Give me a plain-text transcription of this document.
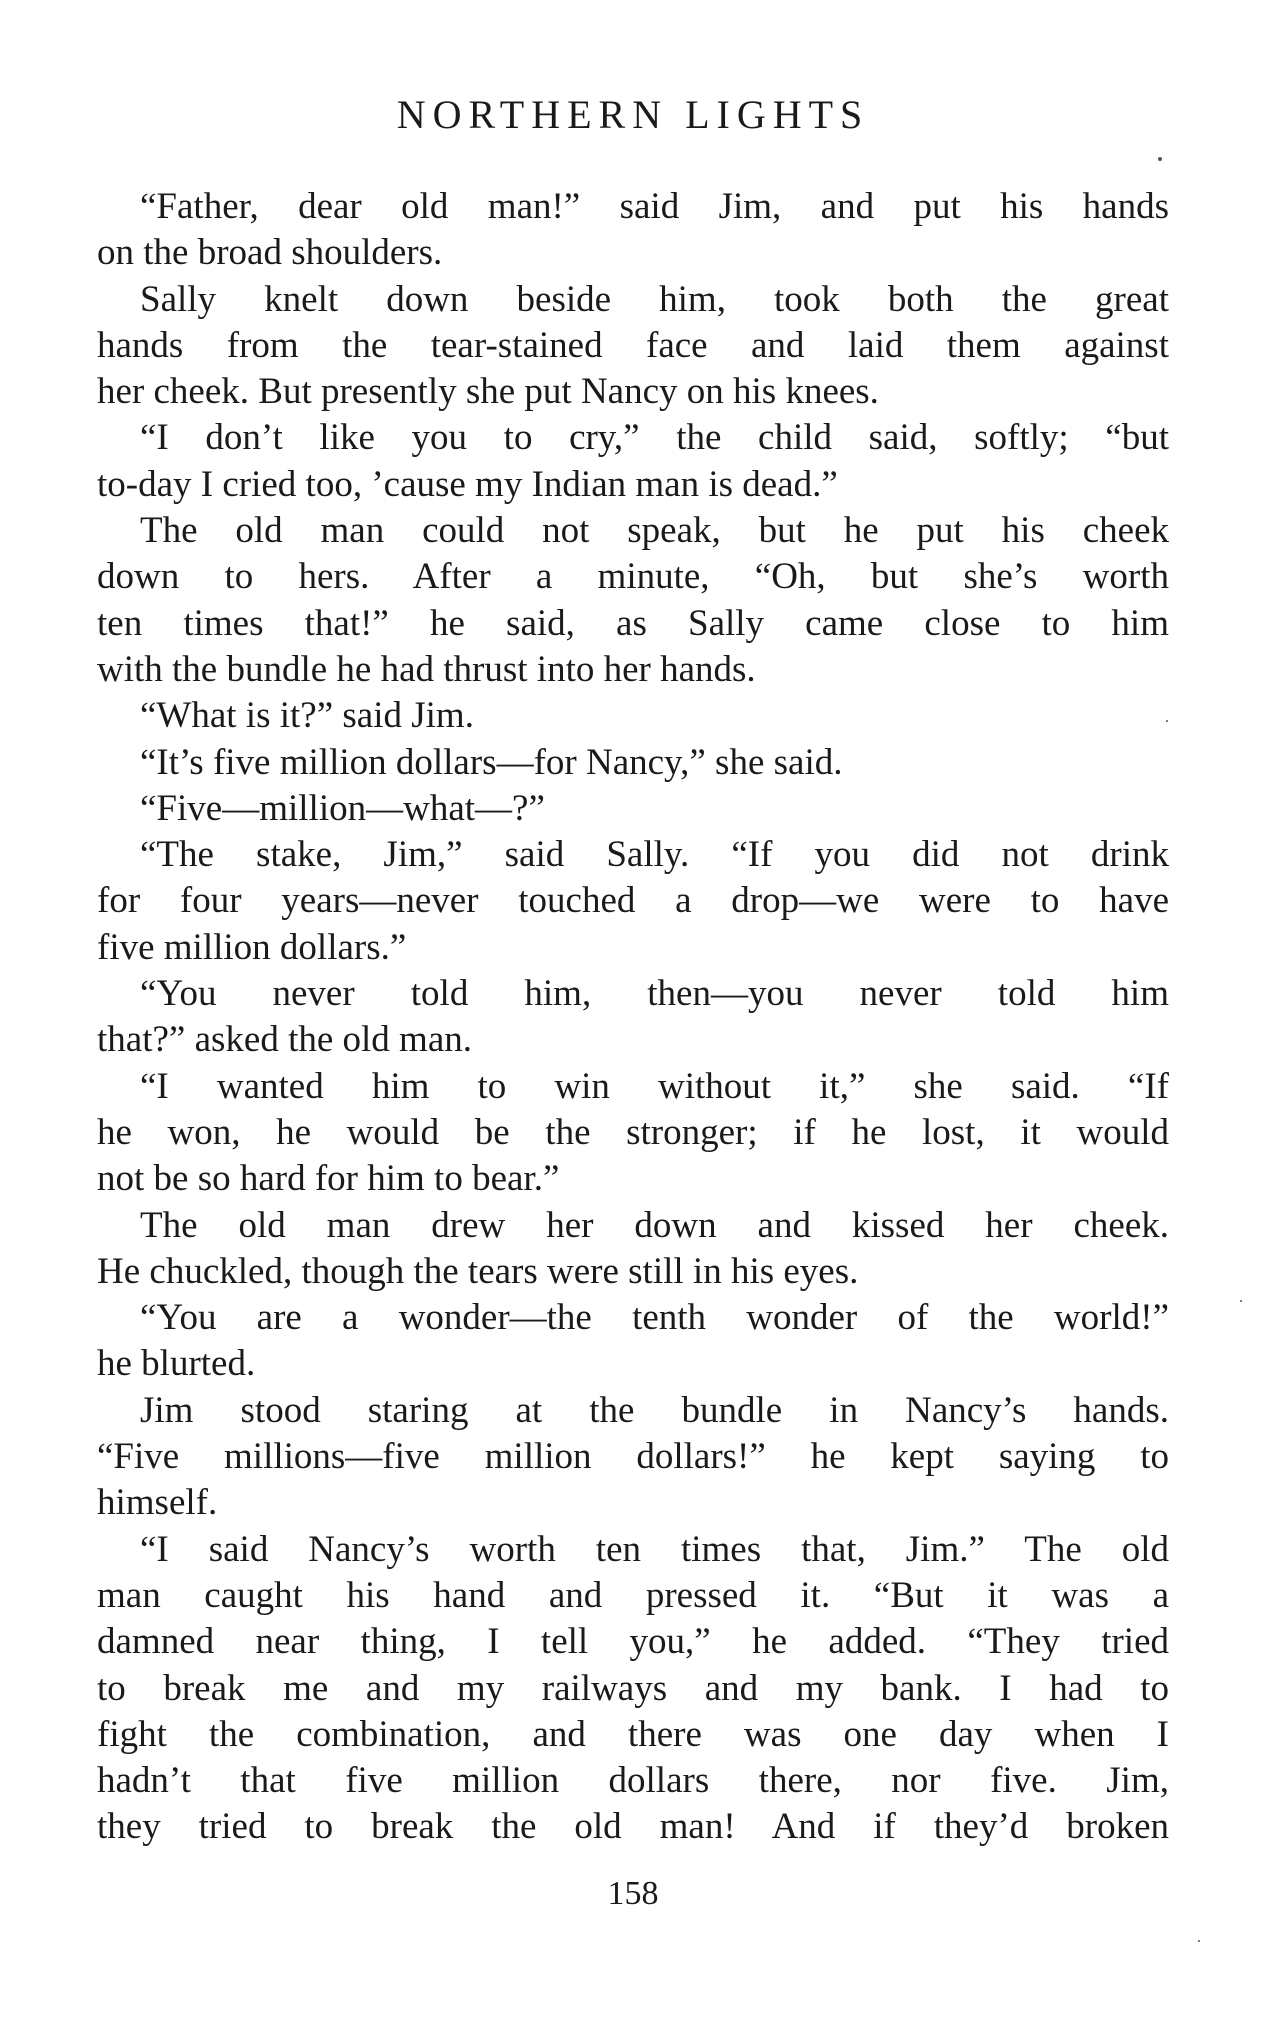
NORTHERN LIGHTS
“Father, dear old man!” said Jim, and put his hands
on the broad shoulders.
Sally knelt down beside him, took both the great
hands from the tear-stained face and laid them against
her cheek. But presently she put Nancy on his knees.
“I don’t like you to cry,” the child said, softly; “but
to-day I cried too, ’cause my Indian man is dead.”
The old man could not speak, but he put his cheek
down to hers. After a minute, “Oh, but she’s worth
ten times that!” he said, as Sally came close to him
with the bundle he had thrust into her hands.
“What is it?” said Jim.
“It’s five million dollars—for Nancy,” she said.
“Five—million—what—?”
“The stake, Jim,” said Sally. “If you did not drink
for four years—never touched a drop—we were to have
five million dollars.”
“You never told him, then—you never told him
that?” asked the old man.
“I wanted him to win without it,” she said. “If
he won, he would be the stronger; if he lost, it would
not be so hard for him to bear.”
The old man drew her down and kissed her cheek.
He chuckled, though the tears were still in his eyes.
“You are a wonder—the tenth wonder of the world!”
he blurted.
Jim stood staring at the bundle in Nancy’s hands.
“Five millions—five million dollars!” he kept saying to
himself.
“I said Nancy’s worth ten times that, Jim.” The old
man caught his hand and pressed it. “But it was a
damned near thing, I tell you,” he added. “They tried
to break me and my railways and my bank. I had to
fight the combination, and there was one day when I
hadn’t that five million dollars there, nor five. Jim,
they tried to break the old man! And if they’d broken
158
